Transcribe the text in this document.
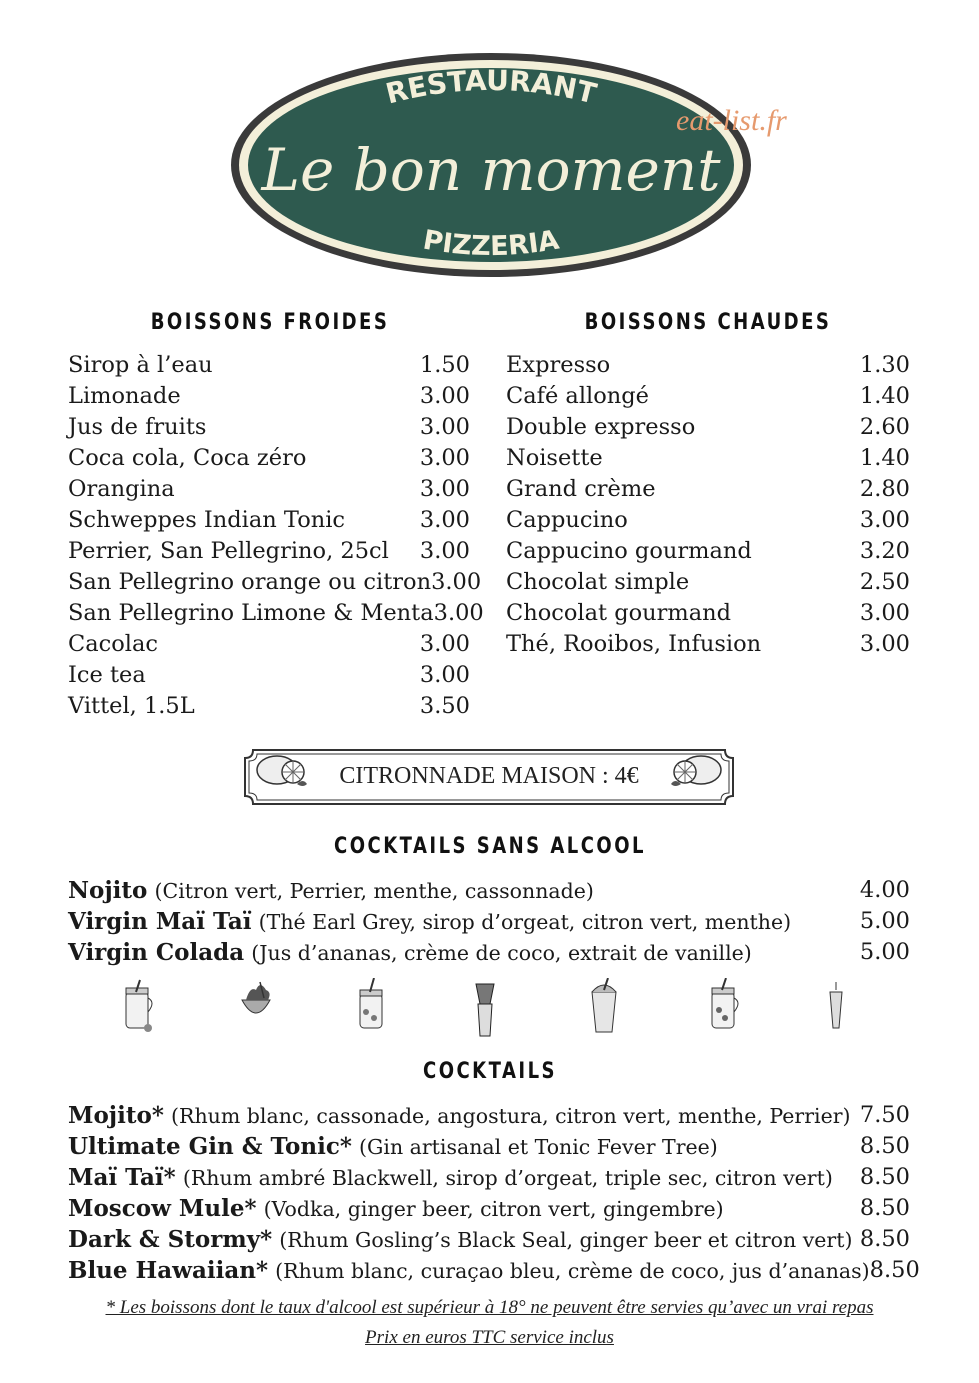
RESTAURANT
Le bon moment
PIZZERIA
eat-list.fr
BOISSONS FROIDES	BOISSONS CHAUDES
Sirop à l’eau	1.50
Limonade	3.00
Jus de fruits	3.00
Coca cola, Coca zéro	3.00
Orangina	3.00
Schweppes Indian Tonic	3.00
Perrier, San Pellegrino, 25cl 3.00
San Pellegrino orange ou citron 3.00
San Pellegrino Limone & Menta 3.00
Cacolac	3.00
Ice tea	3.00
Vittel, 1.5L	3.50
Expresso	1.30
Café allongé	1.40
Double expresso	2.60
Noisette	1.40
Grand crème	2.80
Cappucino	3.00
Cappucino gourmand	3.20
Chocolat simple	2.50
Chocolat gourmand	3.00
Thé, Rooibos, Infusion	3.00
CITRONNADE MAISON : 4€
COCKTAILS SANS ALCOOL
Nojito (Citron vert, Perrier, menthe, cassonnade)	4.00
Virgin Maï Taï (Thé Earl Grey, sirop d’orgeat, citron vert, menthe)	5.00
Virgin Colada (Jus d’ananas, crème de coco, extrait de vanille)	5.00
COCKTAILS
Mojito* (Rhum blanc, cassonade, angostura, citron vert, menthe, Perrier) 7.50
Ultimate Gin & Tonic* (Gin artisanal et Tonic Fever Tree)	8.50
Maï Taï* (Rhum ambré Blackwell, sirop d’orgeat, triple sec, citron vert) 8.50
Moscow Mule* (Vodka, ginger beer, citron vert, gingembre)	8.50
Dark & Stormy* (Rhum Gosling’s Black Seal, ginger beer et citron vert) 8.50
Blue Hawaiian* (Rhum blanc, curaçao bleu, crème de coco, jus d’ananas) 8.50
* Les boissons dont le taux d'alcool est supérieur à 18° ne peuvent être servies qu’avec un vrai repas
Prix en euros TTC service inclus
